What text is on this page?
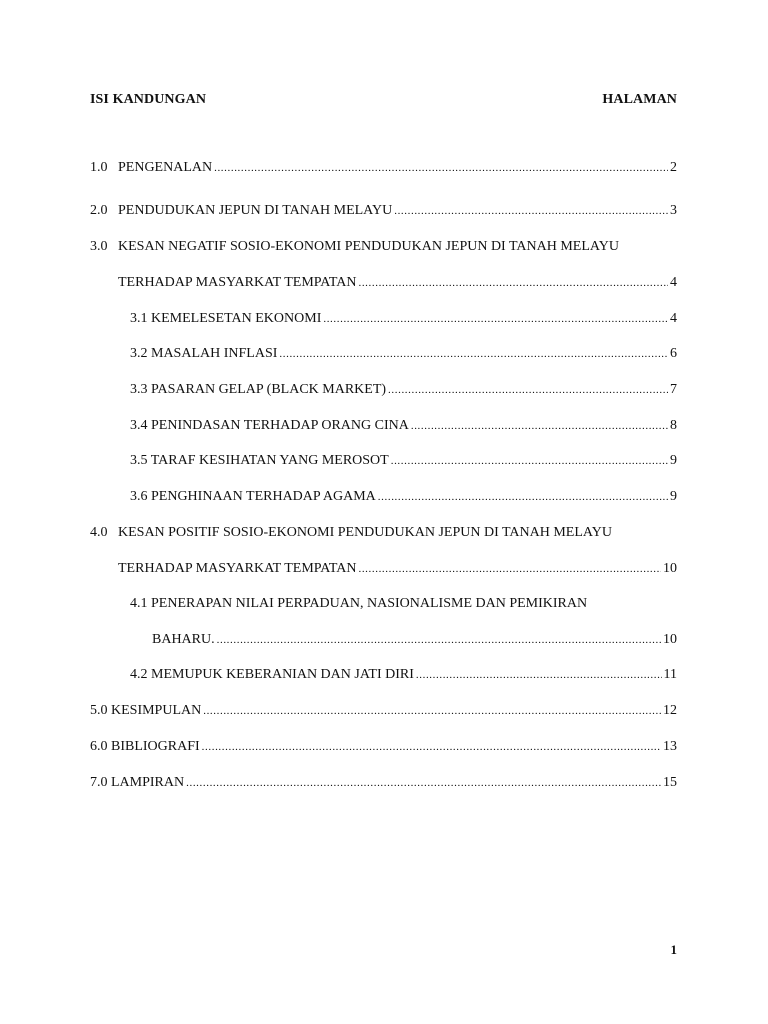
ISI KANDUNGAN	HALAMAN
1.0 PENGENALAN .....	2
2.0 PENDUDUKAN JEPUN DI TANAH MELAYU .....	3
3.0 KESAN NEGATIF SOSIO-EKONOMI PENDUDUKAN JEPUN DI TANAH MELAYU
TERHADAP MASYARKAT TEMPATAN .....	4
3.1 KEMELESETAN EKONOMI .....	4
3.2 MASALAH INFLASI .....	6
3.3 PASARAN GELAP (BLACK MARKET) .....	7
3.4 PENINDASAN TERHADAP ORANG CINA .....	8
3.5 TARAF KESIHATAN YANG MEROSOT .....	9
3.6 PENGHINAAN TERHADAP AGAMA .....	9
4.0 KESAN POSITIF SOSIO-EKONOMI PENDUDUKAN JEPUN DI TANAH MELAYU
TERHADAP MASYARKAT TEMPATAN .....	10
4.1 PENERAPAN NILAI PERPADUAN, NASIONALISME DAN PEMIKIRAN
BAHARU. .....	10
4.2 MEMUPUK KEBERANIAN DAN JATI DIRI .....	11
5.0 KESIMPULAN .....	12
6.0 BIBLIOGRAFI .....	13
7.0 LAMPIRAN .....	15
1
